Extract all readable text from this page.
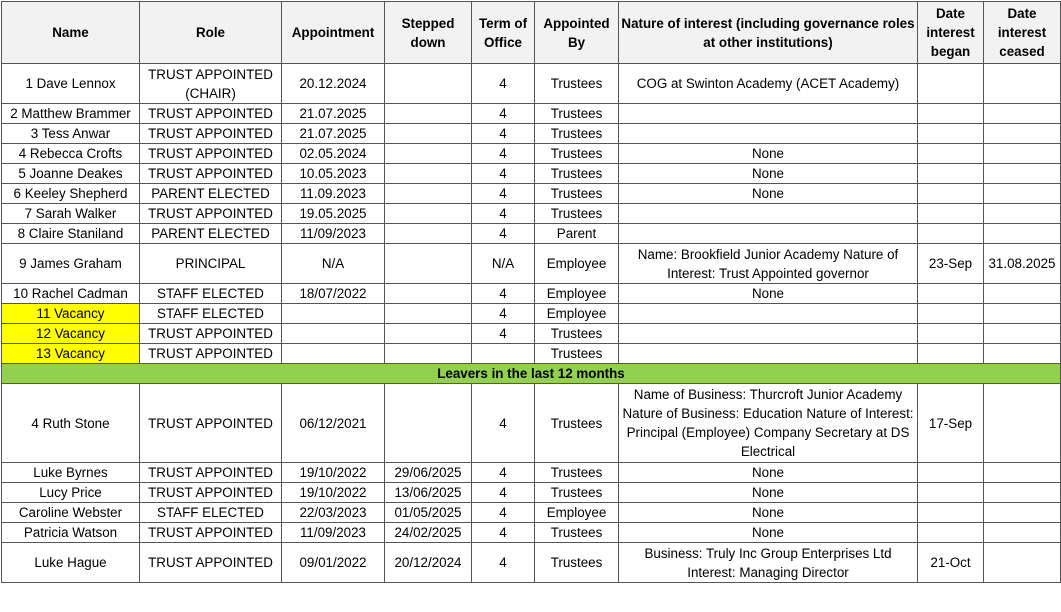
Name	Role	Appointment	Stepped down	Term of Office	Appointed By	Nature of interest (including governance roles at other institutions)	Date interest began	Date interest ceased
1 Dave Lennox	TRUST APPOINTED (CHAIR)	20.12.2024		4	Trustees	COG at Swinton Academy (ACET Academy)		
2 Matthew Brammer	TRUST APPOINTED	21.07.2025		4	Trustees			
3 Tess Anwar	TRUST APPOINTED	21.07.2025		4	Trustees			
4 Rebecca Crofts	TRUST APPOINTED	02.05.2024		4	Trustees	None		
5 Joanne Deakes	TRUST APPOINTED	10.05.2023		4	Trustees	None		
6 Keeley Shepherd	PARENT ELECTED	11.09.2023		4	Trustees	None		
7 Sarah Walker	TRUST APPOINTED	19.05.2025		4	Trustees			
8 Claire Staniland	PARENT ELECTED	11/09/2023		4	Parent			
9 James Graham	PRINCIPAL	N/A		N/A	Employee	Name: Brookfield Junior Academy Nature of Interest: Trust Appointed governor	23-Sep	31.08.2025
10 Rachel Cadman	STAFF ELECTED	18/07/2022		4	Employee	None		
11 Vacancy	STAFF ELECTED			4	Employee			
12 Vacancy	TRUST APPOINTED			4	Trustees			
13 Vacancy	TRUST APPOINTED				Trustees			
Leavers in the last 12 months								
4 Ruth Stone	TRUST APPOINTED	06/12/2021		4	Trustees	Name of Business: Thurcroft Junior Academy Nature of Business: Education Nature of Interest: Principal (Employee) Company Secretary at DS Electrical	17-Sep	
Luke Byrnes	TRUST APPOINTED	19/10/2022	29/06/2025	4	Trustees	None		
Lucy Price	TRUST APPOINTED	19/10/2022	13/06/2025	4	Trustees	None		
Caroline Webster	STAFF ELECTED	22/03/2023	01/05/2025	4	Employee	None		
Patricia Watson	TRUST APPOINTED	11/09/2023	24/02/2025	4	Trustees	None		
Luke Hague	TRUST APPOINTED	09/01/2022	20/12/2024	4	Trustees	Business: Truly Inc Group Enterprises Ltd Interest: Managing Director	21-Oct	
